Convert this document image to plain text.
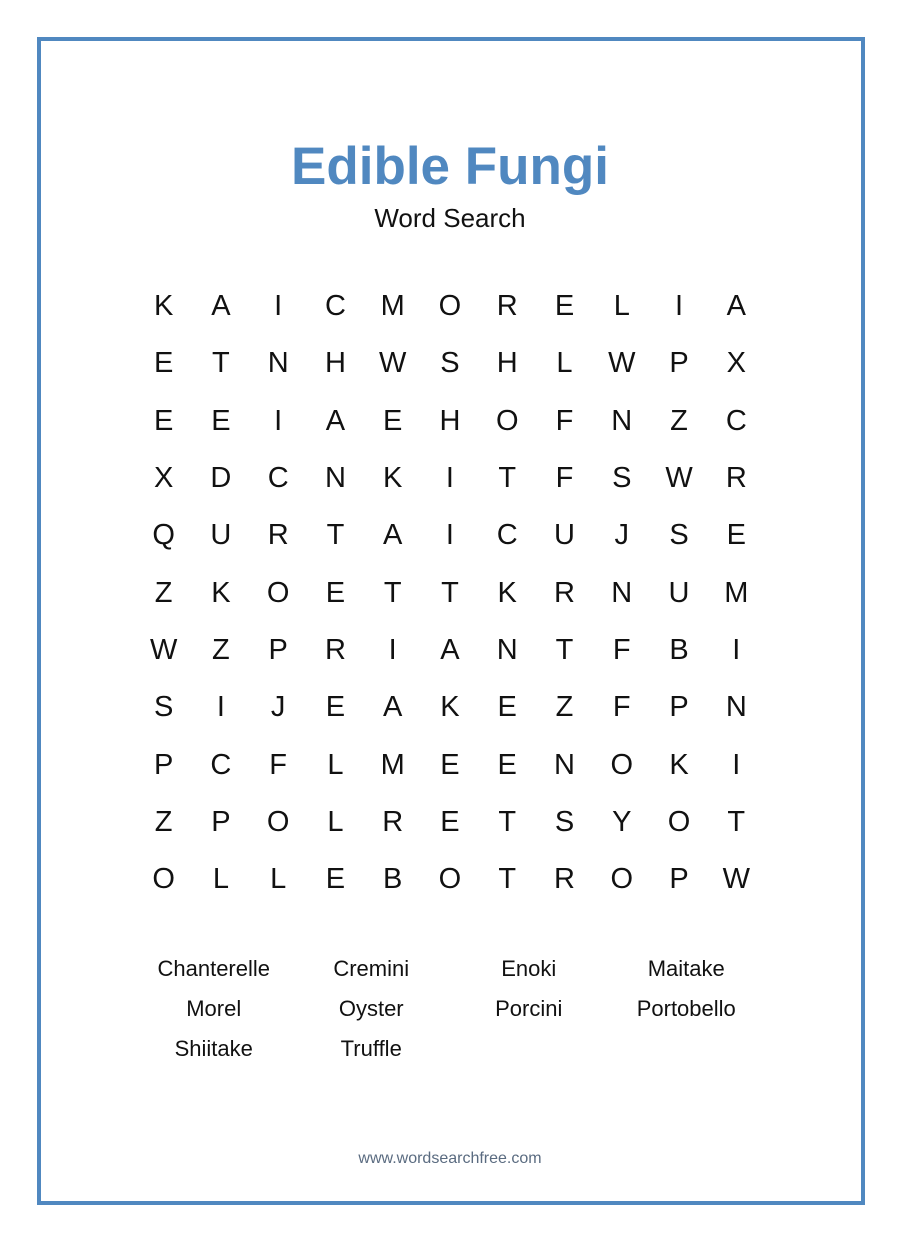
Edible Fungi
Word Search
K	A	I	C	M	O	R	E	L	I	A
E	T	N	H	W	S	H	L	W	P	X
E	E	I	A	E	H	O	F	N	Z	C
X	D	C	N	K	I	T	F	S	W	R
Q	U	R	T	A	I	C	U	J	S	E
Z	K	O	E	T	T	K	R	N	U	M
W	Z	P	R	I	A	N	T	F	B	I
S	I	J	E	A	K	E	Z	F	P	N
P	C	F	L	M	E	E	N	O	K	I
Z	P	O	L	R	E	T	S	Y	O	T
O	L	L	E	B	O	T	R	O	P	W
Chanterelle	Cremini	Enoki	Maitake
Morel	Oyster	Porcini	Portobello
Shiitake	Truffle
www.wordsearchfree.com
